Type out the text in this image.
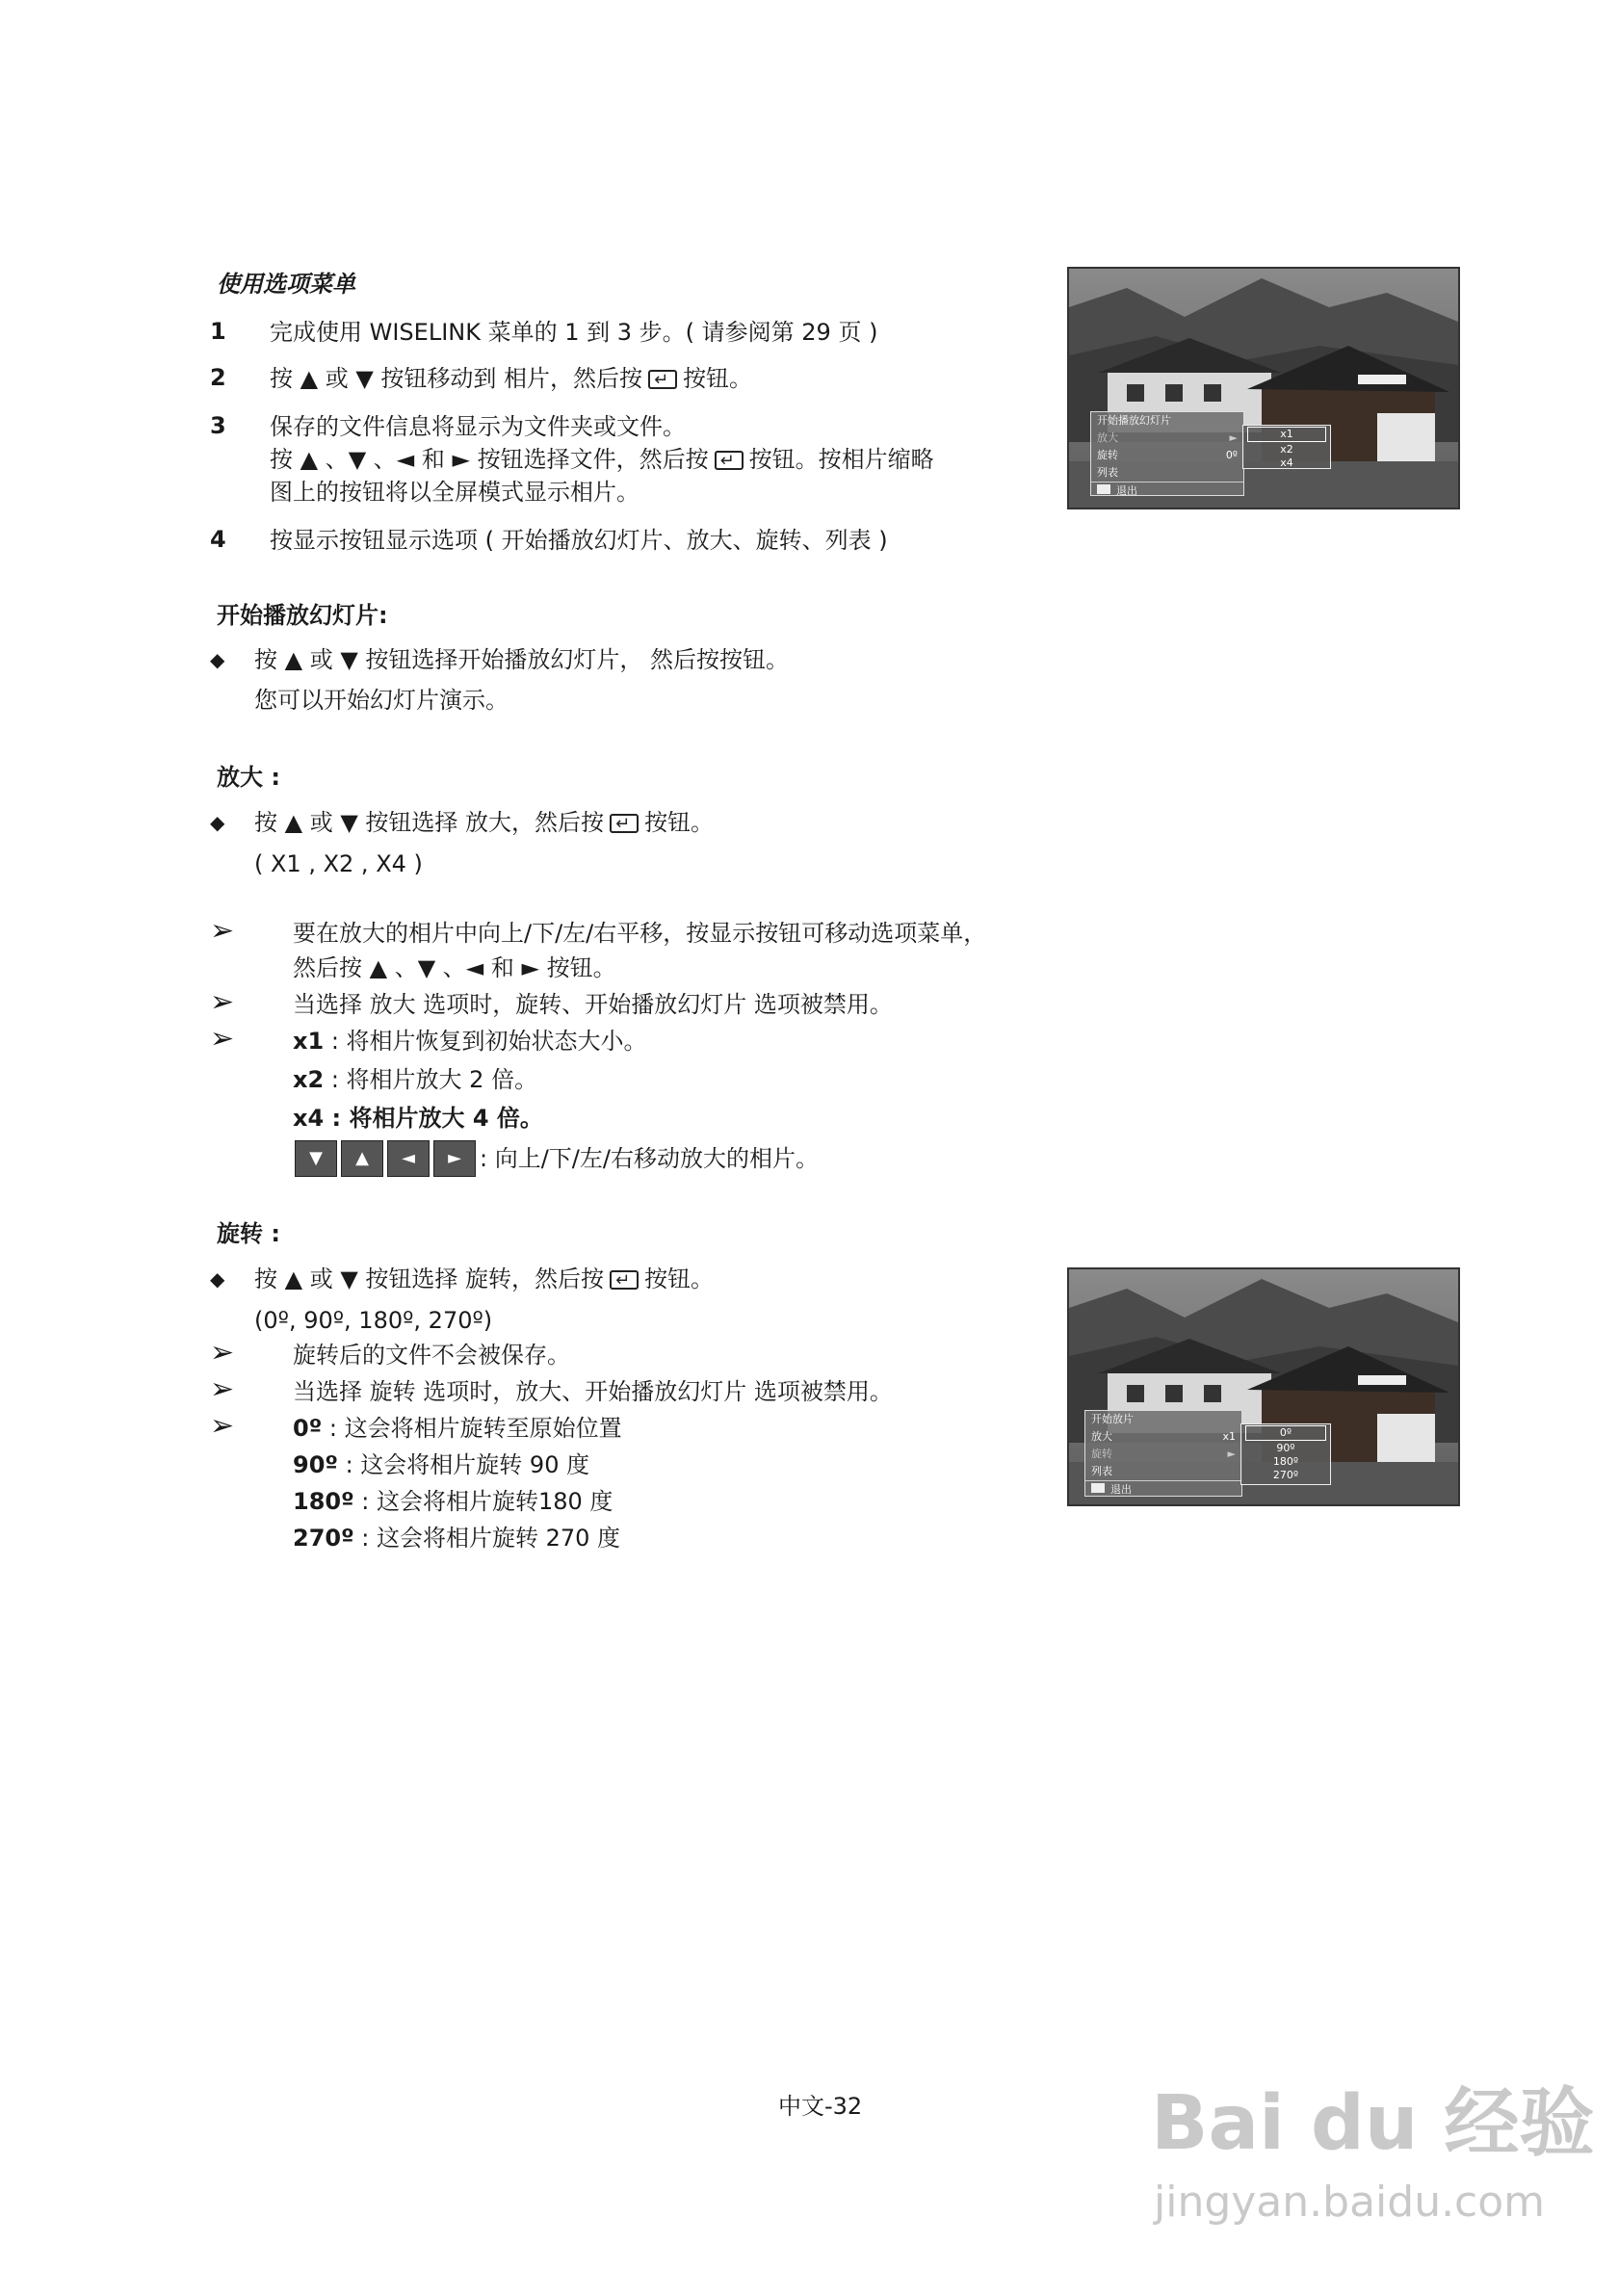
使用选项菜单
1 完成使用 WISELINK 菜单的 1 到 3 步。( 请参阅第 29 页 )
2 按 ▲ 或 ▼ 按钮移动到 相片，然后按 ↵ 按钮。
3 保存的文件信息将显示为文件夹或文件。
按 ▲ 、▼ 、◄ 和 ► 按钮选择文件，然后按 ↵ 按钮。按相片缩略
图上的按钮将以全屏模式显示相片。
4 按显示按钮显示选项 ( 开始播放幻灯片、放大、旋转、列表 )
开始播放幻灯片
放大	►
旋转	0º
列表
退出
x1
x2
x4
开始播放幻灯片:
◆ 按 ▲ 或 ▼ 按钮选择开始播放幻灯片， 然后按按钮。
您可以开始幻灯片演示。
放大 :
◆ 按 ▲ 或 ▼ 按钮选择 放大，然后按 ↵ 按钮。
( X1 , X2 , X4 )
➢	要在放大的相片中向上/下/左/右平移，按显示按钮可移动选项菜单，
然后按 ▲ 、▼ 、◄ 和 ► 按钮。
➢	当选择 放大 选项时，旋转、开始播放幻灯片 选项被禁用。
➢	x1 : 将相片恢复到初始状态大小。
x2 : 将相片放大 2 倍。
x4 : 将相片放大 4 倍。
▼ ▲ ◄ ► : 向上/下/左/右移动放大的相片。
旋转 :
◆ 按 ▲ 或 ▼ 按钮选择 旋转，然后按 ↵ 按钮。
(0º, 90º, 180º, 270º)
➢	旋转后的文件不会被保存。
➢	当选择 旋转 选项时，放大、开始播放幻灯片 选项被禁用。
➢	0º : 这会将相片旋转至原始位置
90º : 这会将相片旋转 90 度
180º : 这会将相片旋转180 度
270º : 这会将相片旋转 270 度
开始放片
放大	x1
旋转	►
列表
退出
0º
90º
180º
270º
中文-32	Bai du 经验
jingyan.baidu.com
